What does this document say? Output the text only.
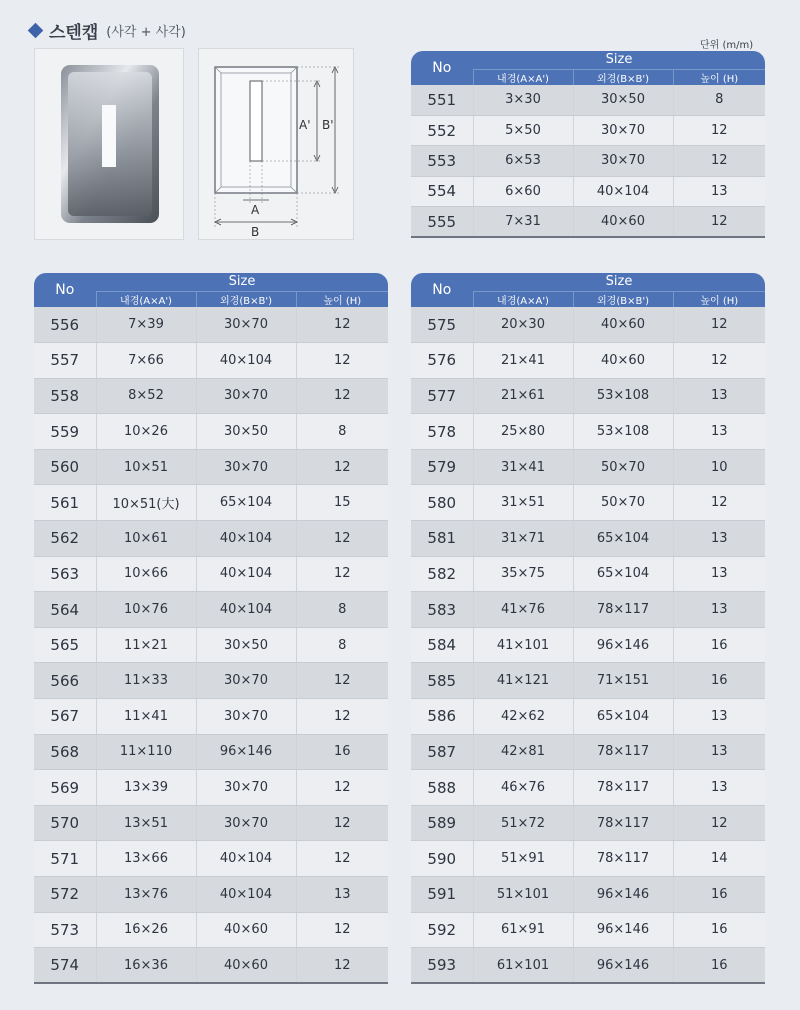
스텐캡 (사각 + 사각)
A' B'
A
B
단위 (m/m)
No	Size		
	내경(A×A')	외경(B×B')	높이 (H)
551	3×30	30×50	8
552	5×50	30×70	12
553	6×53	30×70	12
554	6×60	40×104	13
555	7×31	40×60	12
No	Size		
	내경(A×A')	외경(B×B')	높이 (H)
556	7×39	30×70	12
557	7×66	40×104	12
558	8×52	30×70	12
559	10×26	30×50	8
560	10×51	30×70	12
561	10×51(大)	65×104	15
562	10×61	40×104	12
563	10×66	40×104	12
564	10×76	40×104	8
565	11×21	30×50	8
566	11×33	30×70	12
567	11×41	30×70	12
568	11×110	96×146	16
569	13×39	30×70	12
570	13×51	30×70	12
571	13×66	40×104	12
572	13×76	40×104	13
573	16×26	40×60	12
574	16×36	40×60	12
No	Size		
	내경(A×A')	외경(B×B')	높이 (H)
575	20×30	40×60	12
576	21×41	40×60	12
577	21×61	53×108	13
578	25×80	53×108	13
579	31×41	50×70	10
580	31×51	50×70	12
581	31×71	65×104	13
582	35×75	65×104	13
583	41×76	78×117	13
584	41×101	96×146	16
585	41×121	71×151	16
586	42×62	65×104	13
587	42×81	78×117	13
588	46×76	78×117	13
589	51×72	78×117	12
590	51×91	78×117	14
591	51×101	96×146	16
592	61×91	96×146	16
593	61×101	96×146	16
